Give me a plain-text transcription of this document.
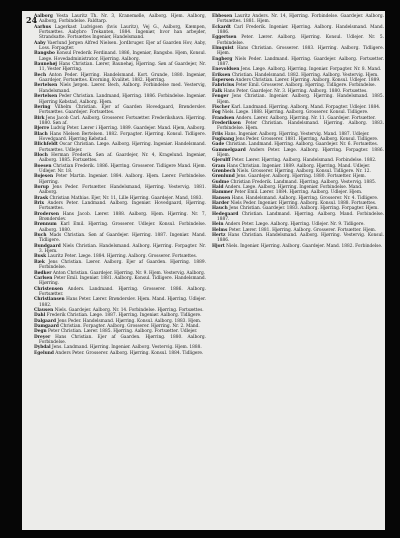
24

Aalborg Vesta Lauritz Th. Nr. 3, Kranemølle, Aalborg. Hjem. Aalborg, Aalborg, Forbindelse. Faldtarp.

Aarhus Lagerkast Ludvigsen (hvis Lauritz), Vej G., Aalborg, Kæmpen, Fortsættes. Aabybro Trekanten, 1884. Ingeniør, hvor han arbejder, Strandsatte. Fortsættes Ingeniør, Handelsmand.

Aaby Vaerlund Jørgen Alfred Nielsen. Jordbruger. Ejer af Gaarden Hov, Aaby, Loss. Forpagter.

Bangsbo Konsul Frederik Ferdinand. 1886, Ingeniør, Bangsbo. Hjem, Konsul. Læge. Hovedadministrator, Hjørring. Aalborg.

Baunehøj Hans Christian. Lærer, Baunehøj, Hjørring. Søn af Gaardejer, Nr. 11, Vester Hjørring.

Bech Anton Peder. Hjørring. Handelsmand. Kort. Grunde, 1880. Ingeniør, Gaardejer, Fortsættes. Kvorning, Kvalitet. 1882. Hjørring.

Bertelsen Niels Jørgen. Lærer. Bech, Aalborg. Forbindelse med. Vestervig, Handelsmand.

Bertelsen Peder Christian. Landmand, Hjørring. 1886. Forbindelse. Ingeniør. Hjørring Købstad, Aalborg. Hjem.

Bering Vilhelm Christian. Ejer af Gaarden Hovedgaard, Brønderslev. Fortsættes. Gaardejer. Fortsættes.

Birk Jens Jacob Carl. Aalborg. Grosserer. Fortsætter. Frederikshavn. Hjørring. 1880. Søn af.

Bjerre Ludvig Peter. Lærer i Hjørring. 1889. Gaardejer. Mand. Hjem, Aalborg.

Blach Hans Nielsen Bertelsen. 1882. Forpagter. Hjørring. Konsul. Tidligere. Hovedgaard. Hjørring Købstad.

Blichfeldt Oscar Christian. Læge. Aalborg. Hjørring. Ingeniør. Handelsmand. Fortsættes. Udlejer.

Bloch Herman Frederik. Søn af. Gaardejer, Nr. 4, Kragelund. Ingeniør, Aalborg. 1885. Fortsættes.

Boesen Christian Frederik. 1886. Hjørring. Grosserer. Tidligere Mand. Hjem. Udlejer. Nr. 18.

Bojesen Peter Martin. Ingeniør. 1884. Aalborg. Hjem. Lærer. Forbindelse. Hjørring.

Borup Jens Peder. Fortsætter. Handelsmand, Hjørring. Vestervig. 1881. Aalborg.

Brask Christian Mathias. Ejer, Nr. 11, Lille Hjørring. Gaardejer. Mand, 1883.

Brix Anders Peter. Landmand. Aalborg. Ingeniør. Hovedgaard, Hjørring. Fortsættes.

Brodersen Hans Jacob. Lærer. 1888. Aalborg. Hjem. Hjørring. Nr. 7, Brønderslev.

Brønnum Karl Emil. Hjørring. Grosserer. Udlejer. Konsul. Forbindelse. Aalborg. 1880.

Buch Mads Christian. Søn af Gaardejer. Hjørring. 1887. Ingeniør. Mand. Tidligere.

Bundgaard Niels Christian. Handelsmand. Aalborg. Hjørring. Forpagter. Nr. 3. Hjem.

Busk Lauritz Peter. Læge. 1884. Hjørring. Aalborg. Grosserer. Fortsættes.

Bæk Jens Christian. Lærer. Aalborg. Ejer af Gaarden. Hjørring. 1889. Forbindelse.

Bødker Anton Christian. Gaardejer. Hjørring. Nr. 9. Hjem. Vestervig. Aalborg.

Carlsen Peter Emil. Ingeniør. 1881. Aalborg. Konsul. Tidligere. Handelsmand. Hjørring.

Christensen Anders. Landmand. Hjørring. Grosserer. 1886. Aalborg. Fortsætter.

Christiansen Hans Peter. Lærer. Brønderslev. Hjem. Mand. Hjørring. Udlejer. 1882.

Clausen Niels. Gaardejer. Aalborg. Nr. 14. Forbindelse. Hjørring. Fortsættes.

Dahl Frederik Christian. Læge. 1887. Hjørring. Ingeniør. Aalborg. Tidligere.

Dalgaard Jens Peder. Handelsmand. Hjørring. Konsul. Aalborg. 1883. Hjem.

Damgaard Christian. Forpagter. Aalborg. Grosserer. Hjørring. Nr. 2. Mand.

Degn Peter Christian. Lærer. 1885. Hjørring. Aalborg. Fortsætter. Udlejer.

Dreyer Hans Christian. Ejer af Gaarden. Hjørring. 1880. Aalborg. Forbindelse.

Dybdal Jens. Landmand. Hjørring. Ingeniør. Aalborg. Vestervig. Hjem. 1888.

Egelund Anders Peter. Grosserer. Aalborg. Hjørring. Konsul. 1884. Tidligere.

Ebbesen Lauritz Anders. Nr. 14, Hjørring. Forbindelse. Gaardejer. Aalborg. Fortsættes. 1881. Hjem.

Eckardt Carl Frederik. Ingeniør. Hjørring. Aalborg. Handelsmand. Mand. 1886.

Eggertsen Peter. Lærer. Aalborg. Hjørring. Konsul. Udlejer. Nr. 5. Forbindelse.

Elmquist Hans Christian. Grosserer. 1883. Hjørring. Aalborg. Tidligere. Hjem.

Engberg Niels Peder. Landmand. Hjørring. Gaardejer. Aalborg. Fortsætter. 1887.

Enevoldsen Jens. Læge. Aalborg. Hjørring. Ingeniør. Forpagter. Nr. 8. Mand.

Eriksen Christian. Handelsmand. 1882. Hjørring. Aalborg. Vestervig. Hjem.

Espersen Anders Christian. Lærer. Hjørring. Aalborg. Konsul. Udlejer. 1889.

Fabricius Peter Emil. Grosserer. Aalborg. Hjørring. Tidligere. Forbindelse.

Falk Hans Peter. Gaardejer. Nr. 3. Hjørring. Aalborg. 1880. Fortsættes.

Fenger Jens Christian. Ingeniør. Aalborg. Hjørring. Handelsmand. 1885. Hjem.

Fischer Karl. Landmand. Hjørring. Aalborg. Mand. Forpagter. Udlejer. 1884.

Fog Niels. Læge. 1888. Hjørring. Aalborg. Grosserer. Konsul. Tidligere.

Frandsen Anders. Lærer. Aalborg. Hjørring. Nr. 11. Gaardejer. Fortsætter.

Frederiksen Peter Christian. Handelsmand. Hjørring. Aalborg. 1883. Forbindelse. Hjem.

Friis Hans. Ingeniør. Aalborg. Hjørring. Vestervig. Mand. 1887. Udlejer.

Fuglsang Jens Peder. Grosserer. 1881. Hjørring. Aalborg. Konsul. Tidligere.

Gade Christian. Landmand. Hjørring. Aalborg. Gaardejer. Nr. 6. Fortsættes.

Gammelgaard Anders Peter. Læge. Aalborg. Hjørring. Forpagter. 1886. Hjem.

Gjerulff Peter. Lærer. Hjørring. Aalborg. Handelsmand. Forbindelse. 1882.

Gram Hans Christian. Ingeniør. 1889. Aalborg. Hjørring. Mand. Udlejer.

Grønbech Niels. Grosserer. Hjørring. Aalborg. Konsul. Tidligere. Nr. 12.

Grønlund Jens. Gaardejer. Aalborg. Hjørring. 1880. Fortsætter. Hjem.

Gudme Christian Frederik. Landmand. Hjørring. Aalborg. Vestervig. 1885.

Hald Anders. Læge. Aalborg. Hjørring. Ingeniør. Forbindelse. Mand.

Hammer Peter Emil. Lærer. 1884. Hjørring. Aalborg. Udlejer. Hjem.

Hansen Hans. Handelsmand. Aalborg. Hjørring. Grosserer. Nr. 4. Tidligere.

Harder Niels Peder. Ingeniør. Hjørring. Aalborg. Konsul. 1888. Fortsættes.

Hauch Jens Christian. Gaardejer. 1883. Aalborg. Hjørring. Forpagter. Hjem.

Hedegaard Christian. Landmand. Hjørring. Aalborg. Mand. Forbindelse. 1887.

Hein Anders Peter. Læge. Aalborg. Hjørring. Udlejer. Nr. 9. Tidligere.

Helms Peter. Lærer. 1881. Hjørring. Aalborg. Grosserer. Fortsætter. Hjem.

Hertz Hans Christian. Handelsmand. Aalborg. Hjørring. Vestervig. Konsul. 1886.

Hjort Niels. Ingeniør. Hjørring. Aalborg. Gaardejer. Mand. 1882. Forbindelse.
